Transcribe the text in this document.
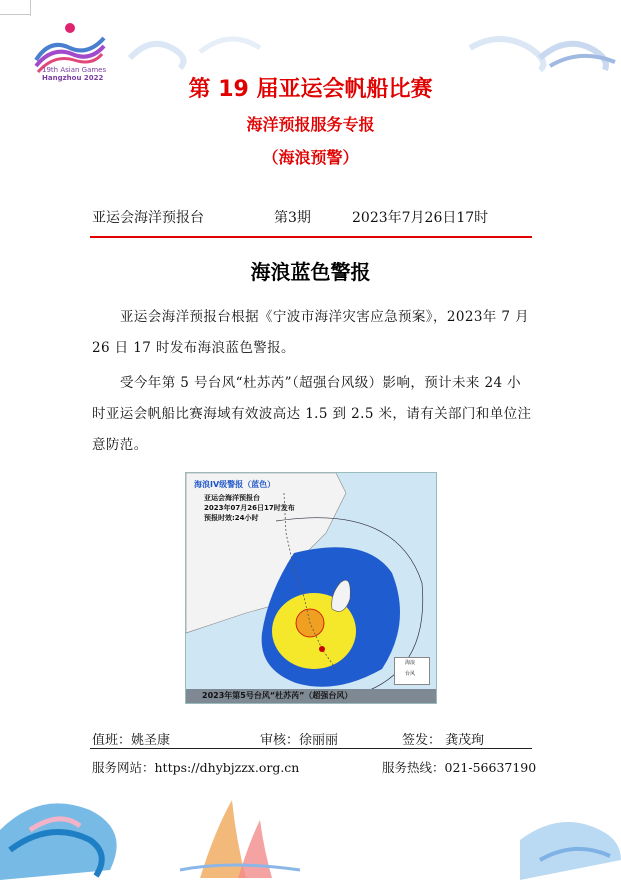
19th Asian Games
Hangzhou 2022	第 19 届亚运会帆船比赛
海洋预报服务专报
（海浪预警）
亚运会海洋预报台	第3期	2023年7月26日17时
海浪蓝色警报
亚运会海洋预报台根据《宁波市海洋灾害应急预案》，2023年 7 月 26 日 17 时发布海浪蓝色警报。
受今年第 5 号台风“杜苏芮”（超强台风级）影响，预计未来 24 小时亚运会帆船比赛海域有效波高达 1.5 到 2.5 米，请有关部门和单位注意防范。
海浪IV级警报（蓝色）
亚运会海洋预报台
2023年07月26日17时发布
预报时效:24小时
海浪
台风
2023年第5号台风“杜苏芮”（超强台风）
值班：姚圣康	审核：徐丽丽	签发： 龚茂珣
服务网站：https://dhybjzzx.org.cn	服务热线：021-56637190
